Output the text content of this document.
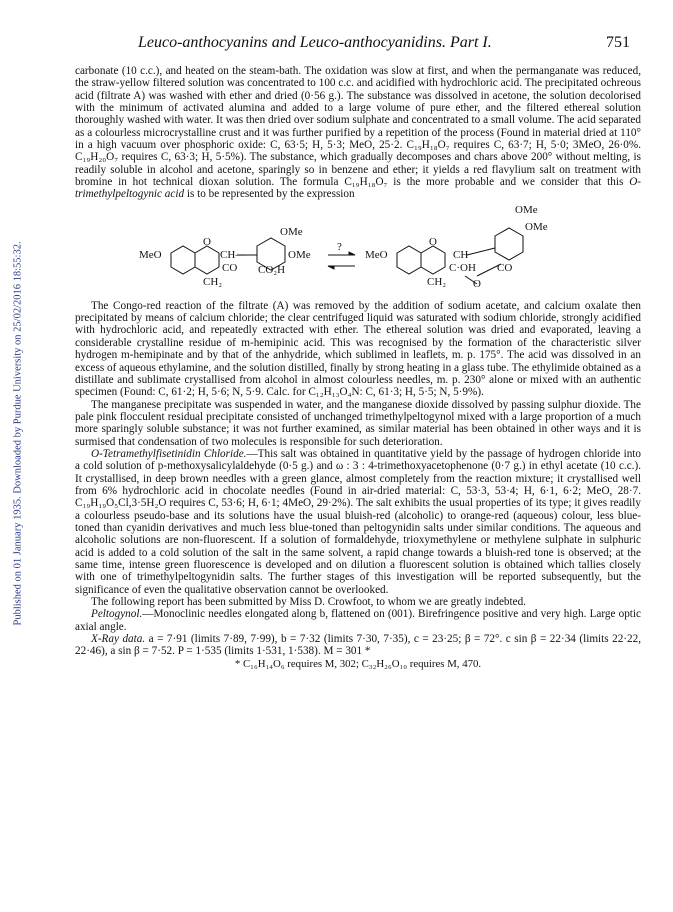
Published on 01 January 1935. Downloaded by Purdue University on 25/02/2016 18:55:32.
Leuco-anthocyanins and Leuco-anthocyanidins. Part I.	751

carbonate (10 c.c.), and heated on the steam-bath. The oxidation was slow at first, and when the permanganate was reduced, the straw-yellow filtered solution was concentrated to 100 c.c. and acidified with hydrochloric acid. The precipitated ochreous acid (filtrate A) was washed with ether and dried (0·56 g.). The substance was dissolved in acetone, the solution decolorised with the minimum of activated alumina and added to a large volume of pure ether, and the filtered ethereal solution thoroughly washed with water. It was then dried over sodium sulphate and concentrated to a small volume. The acid separated as a colourless microcrystalline crust and it was further purified by a repetition of the process (Found in material dried at 110° in a high vacuum over phosphoric oxide: C, 63·5; H, 5·3; MeO, 25·2. C₁₉H₁₈O₇ requires C, 63·7; H, 5·0; 3MeO, 26·0%. C₁₉H₂₀O₇ requires C, 63·3; H, 5·5%). The substance, which gradually decomposes and chars above 200° without melting, is readily soluble in alcohol and acetone, sparingly so in benzene and ether; it yields a red flavylium salt on treatment with bromine in hot technical dioxan solution. The formula C₁₉H₁₈O₇ is the more probable and we consider that this O-trimethylpeltogynic acid is to be represented by the expression

MeO
O
CH—
CO
CH₂
OMe
OMe
CO₂H
?
OMe
OMe
MeO
O
CH
C·OH CO
CH₂ O

The Congo-red reaction of the filtrate (A) was removed by the addition of sodium acetate, and calcium oxalate then precipitated by means of calcium chloride; the clear centrifuged liquid was saturated with sodium chloride, strongly acidified with hydrochloric acid, and repeatedly extracted with ether. The ethereal solution was dried and evaporated, leaving a considerable crystalline residue of m-hemipinic acid. This was recognised by the formation of the characteristic silver hydrogen m-hemipinate and by that of the anhydride, which sublimed in leaflets, m. p. 175°. The acid was dissolved in an excess of aqueous ethylamine, and the solution distilled, finally by strong heating in a glass tube. The ethylimide obtained as a distillate and sublimate crystallised from alcohol in almost colourless needles, m. p. 230° alone or mixed with an authentic specimen (Found: C, 61·2; H, 5·6; N, 5·9. Calc. for C₁₂H₁₃O₄N: C, 61·3; H, 5·5; N, 5·9%).

The manganese precipitate was suspended in water, and the manganese dioxide dissolved by passing sulphur dioxide. The pale pink flocculent residual precipitate consisted of unchanged trimethylpeltogynol mixed with a large proportion of a much more sparingly soluble substance; it was not further examined, as similar material has been obtained in other ways and it is surmised that condensation of two molecules is responsible for such deterioration.

O-Tetramethylfisetinidin Chloride.—This salt was obtained in quantitative yield by the passage of hydrogen chloride into a cold solution of p-methoxysalicylaldehyde (0·5 g.) and ω : 3 : 4-trimethoxyacetophenone (0·7 g.) in ethyl acetate (10 c.c.). It crystallised, in deep brown needles with a green glance, almost completely from the reaction mixture; it crystallised well from 6% hydrochloric acid in chocolate needles (Found in air-dried material: C, 53·3, 53·4; H, 6·1, 6·2; MeO, 28·7. C₁₉H₁₉O₅Cl,3·5H₂O requires C, 53·6; H, 6·1; 4MeO, 29·2%). The salt exhibits the usual properties of its type; it gives readily a colourless pseudo-base and its solutions have the usual bluish-red (alcoholic) to orange-red (aqueous) colour, less blue-toned than cyanidin derivatives and much less blue-toned than peltogynidin salts under similar conditions. The aqueous and alcoholic solutions are non-fluorescent. If a solution of formaldehyde, trioxymethylene or methylene sulphate in sulphuric acid is added to a cold solution of the salt in the same solvent, a rapid change towards a bluish-red tone is observed; at the same time, intense green fluorescence is developed and on dilution a fluorescent solution is obtained which tallies closely with one of trimethylpeltogynidin salts. The further stages of this investigation will be reported subsequently, but the significance of even the qualitative observation cannot be overlooked.

The following report has been submitted by Miss D. Crowfoot, to whom we are greatly indebted.

Peltogynol.—Monoclinic needles elongated along b, flattened on (001). Birefringence positive and very high. Large optic axial angle.

X-Ray data. a = 7·91 (limits 7·89, 7·99), b = 7·32 (limits 7·30, 7·35), c = 23·25; β = 72°. c sin β = 22·34 (limits 22·22, 22·46), a sin β = 7·52. P = 1·535 (limits 1·531, 1·538). M = 301 *

* C₁₆H₁₄O₆ requires M, 302; C₃₂H₂₆O₁₀ requires M, 470.
